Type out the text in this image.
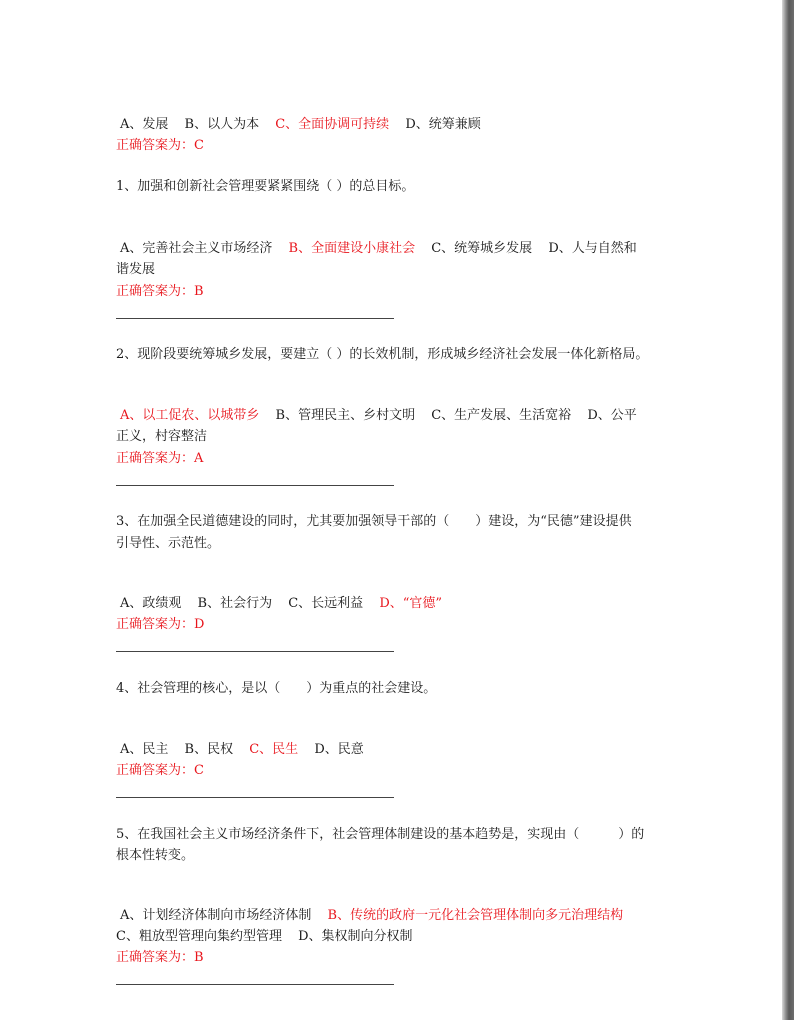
A、发展 B、以人为本 C、全面协调可持续 D、统筹兼顾
正确答案为：C
1、加强和创新社会管理要紧紧围绕（ ）的总目标。
A、完善社会主义市场经济 B、全面建设小康社会 C、统筹城乡发展 D、人与自然和
谐发展
正确答案为：B
2、现阶段要统筹城乡发展，要建立（ ）的长效机制，形成城乡经济社会发展一体化新格局。
A、以工促农、以城带乡 B、管理民主、乡村文明 C、生产发展、生活宽裕 D、公平
正义，村容整洁
正确答案为：A
3、在加强全民道德建设的同时，尤其要加强领导干部的（　　）建设，为“民德”建设提供
引导性、示范性。
A、政绩观 B、社会行为 C、长远利益 D、“官德”
正确答案为：D
4、社会管理的核心，是以（　　）为重点的社会建设。
A、民主 B、民权 C、民生 D、民意
正确答案为：C
5、在我国社会主义市场经济条件下，社会管理体制建设的基本趋势是，实现由（　　　）的
根本性转变。
A、计划经济体制向市场经济体制 B、传统的政府一元化社会管理体制向多元治理结构
C、粗放型管理向集约型管理 D、集权制向分权制
正确答案为：B
